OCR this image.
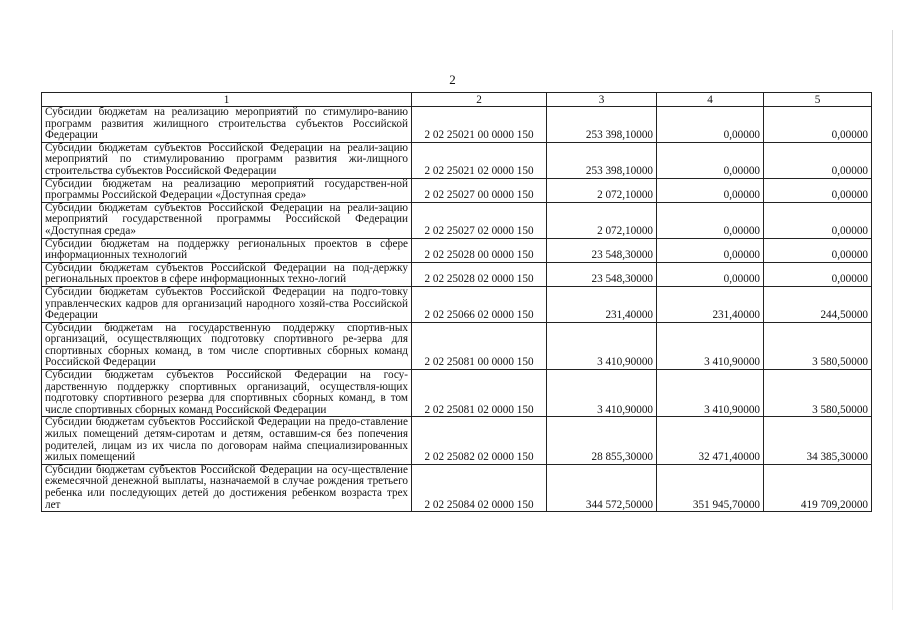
2
1	2	3	4	5
Субсидии бюджетам на реализацию мероприятий по стимулиро-ванию программ развития жилищного строительства субъектов Российской Федерации	2 02 25021 00 0000 150	253 398,10000	0,00000	0,00000
Субсидии бюджетам субъектов Российской Федерации на реали-зацию мероприятий по стимулированию программ развития жи-лищного строительства субъектов Российской Федерации	2 02 25021 02 0000 150	253 398,10000	0,00000	0,00000
Субсидии бюджетам на реализацию мероприятий государствен-ной программы Российской Федерации «Доступная среда»	2 02 25027 00 0000 150	2 072,10000	0,00000	0,00000
Субсидии бюджетам субъектов Российской Федерации на реали-зацию мероприятий государственной программы Российской Федерации «Доступная среда»	2 02 25027 02 0000 150	2 072,10000	0,00000	0,00000
Субсидии бюджетам на поддержку региональных проектов в сфере информационных технологий	2 02 25028 00 0000 150	23 548,30000	0,00000	0,00000
Субсидии бюджетам субъектов Российской Федерации на под-держку региональных проектов в сфере информационных техно-логий	2 02 25028 02 0000 150	23 548,30000	0,00000	0,00000
Субсидии бюджетам субъектов Российской Федерации на подго-товку управленческих кадров для организаций народного хозяй-ства Российской Федерации	2 02 25066 02 0000 150	231,40000	231,40000	244,50000
Субсидии бюджетам на государственную поддержку спортив-ных организаций, осуществляющих подготовку спортивного ре-зерва для спортивных сборных команд, в том числе спортивных сборных команд Российской Федерации	2 02 25081 00 0000 150	3 410,90000	3 410,90000	3 580,50000
Субсидии бюджетам субъектов Российской Федерации на госу-дарственную поддержку спортивных организаций, осуществля-ющих подготовку спортивного резерва для спортивных сборных команд, в том числе спортивных сборных команд Российской Федерации	2 02 25081 02 0000 150	3 410,90000	3 410,90000	3 580,50000
Субсидии бюджетам субъектов Российской Федерации на предо-ставление жилых помещений детям-сиротам и детям, оставшим-ся без попечения родителей, лицам из их числа по договорам найма специализированных жилых помещений	2 02 25082 02 0000 150	28 855,30000	32 471,40000	34 385,30000
Субсидии бюджетам субъектов Российской Федерации на осу-ществление ежемесячной денежной выплаты, назначаемой в случае рождения третьего ребенка или последующих детей до достижения ребенком возраста трех лет	2 02 25084 02 0000 150	344 572,50000	351 945,70000	419 709,20000
